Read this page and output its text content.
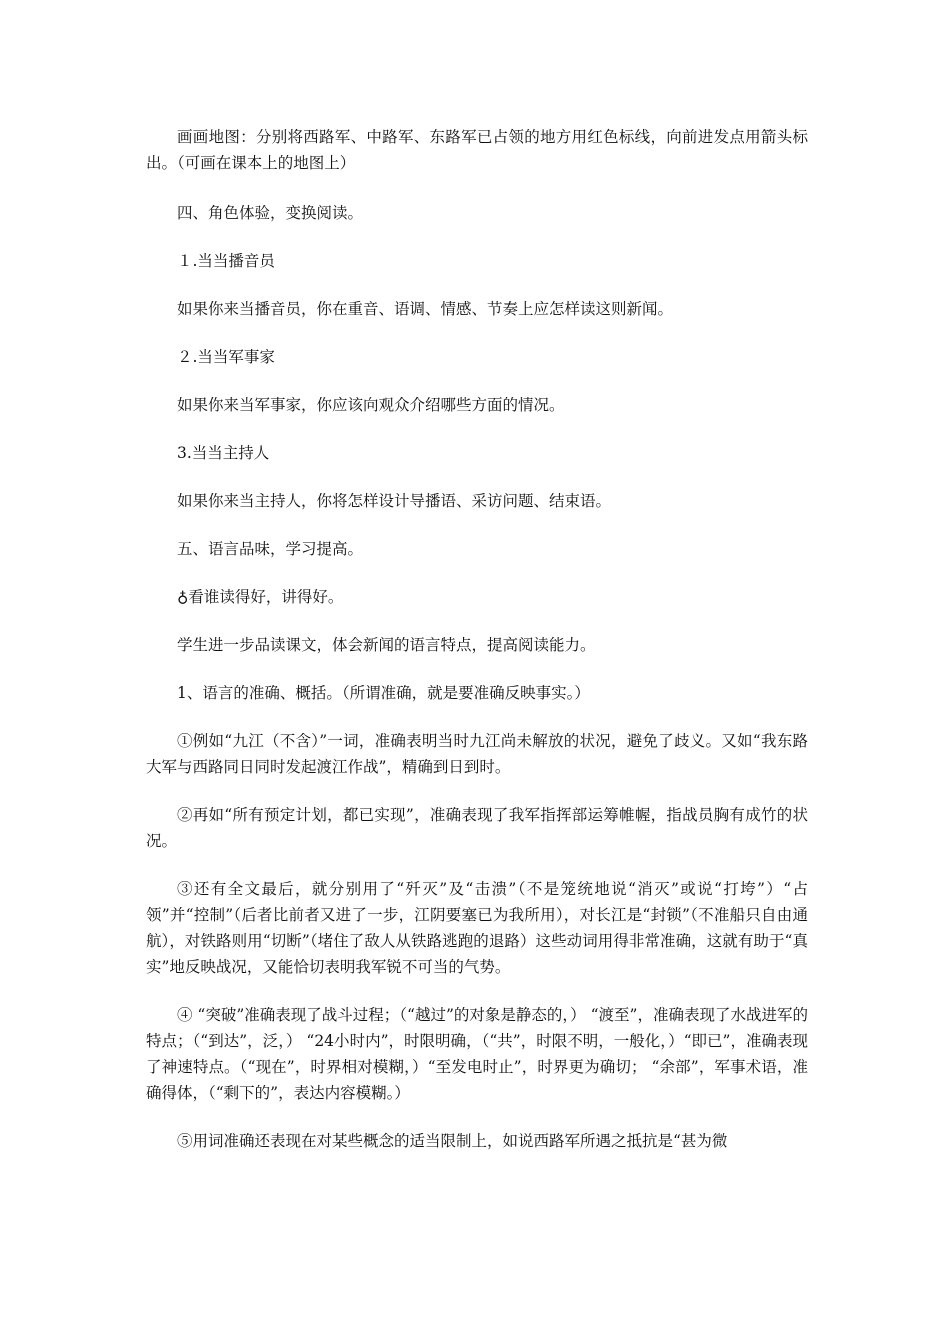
画画地图：分别将西路军、中路军、东路军已占领的地方用红色标线，向前进发点用箭头标出。（可画在课本上的地图上）

四、角色体验，变换阅读。

１.当当播音员

如果你来当播音员，你在重音、语调、情感、节奏上应怎样读这则新闻。

２.当当军事家

如果你来当军事家，你应该向观众介绍哪些方面的情况。

3.当当主持人

如果你来当主持人，你将怎样设计导播语、采访问题、结束语。

五、语言品味，学习提高。

♁看谁读得好，讲得好。

学生进一步品读课文，体会新闻的语言特点，提高阅读能力。

1、语言的准确、概括。（所谓准确，就是要准确反映事实。）

①例如“九江（不含）”一词，准确表明当时九江尚未解放的状况，避免了歧义。又如“我东路大军与西路同日同时发起渡江作战”，精确到日到时。

②再如“所有预定计划，都已实现”，准确表现了我军指挥部运筹帷幄，指战员胸有成竹的状况。

③还有全文最后，就分别用了“歼灭”及“击溃”（不是笼统地说“消灭”或说“打垮”）“占领”并“控制”（后者比前者又进了一步，江阴要塞已为我所用），对长江是“封锁”（不准船只自由通航），对铁路则用“切断”（堵住了敌人从铁路逃跑的退路）这些动词用得非常准确，这就有助于“真实”地反映战况，又能恰切表明我军锐不可当的气势。

④ “突破”准确表现了战斗过程；（“越过”的对象是静态的，） “渡至”，准确表现了水战进军的特点；（“到达”，泛，） “24小时内”，时限明确，（“共”，时限不明，一般化，）“即已”，准确表现了神速特点。（“现在”，时界相对模糊，）“至发电时止”，时界更为确切； “余部”，军事术语，准确得体，（“剩下的”，表达内容模糊。）

⑤用词准确还表现在对某些概念的适当限制上，如说西路军所遇之抵抗是“甚为微
